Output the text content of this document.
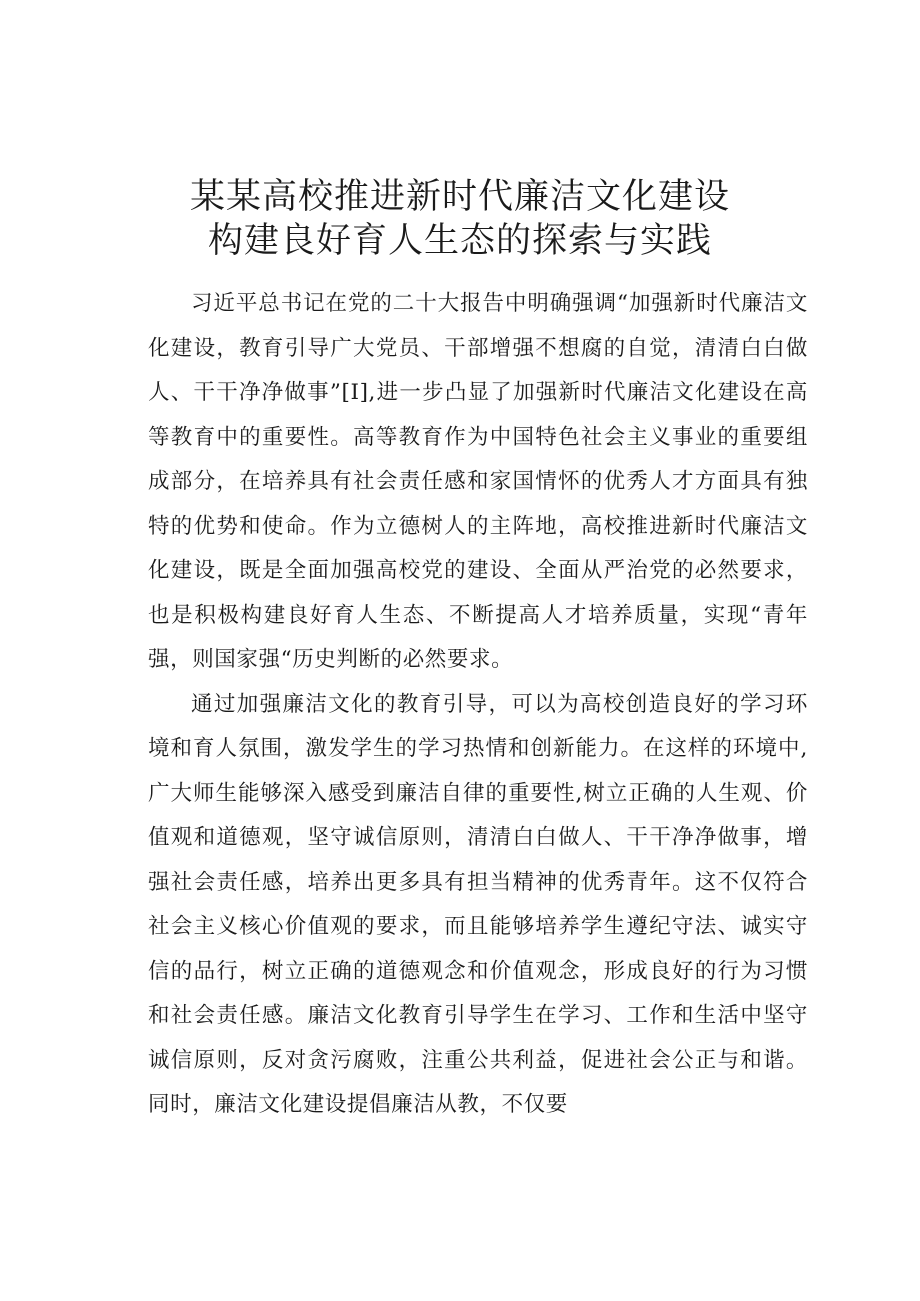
某某高校推进新时代廉洁文化建设
构建良好育人生态的探索与实践

习近平总书记在党的二十大报告中明确强调“加强新时代廉洁文化建设，教育引导广大党员、干部增强不想腐的自觉，清清白白做人、干干净净做事”[I],进一步凸显了加强新时代廉洁文化建设在高等教育中的重要性。高等教育作为中国特色社会主义事业的重要组成部分，在培养具有社会责任感和家国情怀的优秀人才方面具有独特的优势和使命。作为立德树人的主阵地，高校推进新时代廉洁文化建设，既是全面加强高校党的建设、全面从严治党的必然要求，也是积极构建良好育人生态、不断提高人才培养质量，实现“青年强，则国家强“历史判断的必然要求。

通过加强廉洁文化的教育引导，可以为高校创造良好的学习环境和育人氛围，激发学生的学习热情和创新能力。在这样的环境中,广大师生能够深入感受到廉洁自律的重要性,树立正确的人生观、价值观和道德观，坚守诚信原则，清清白白做人、干干净净做事，增强社会责任感，培养出更多具有担当精神的优秀青年。这不仅符合社会主义核心价值观的要求，而且能够培养学生遵纪守法、诚实守信的品行，树立正确的道德观念和价值观念，形成良好的行为习惯和社会责任感。廉洁文化教育引导学生在学习、工作和生活中坚守诚信原则，反对贪污腐败，注重公共利益，促进社会公正与和谐。同时，廉洁文化建设提倡廉洁从教，不仅要
